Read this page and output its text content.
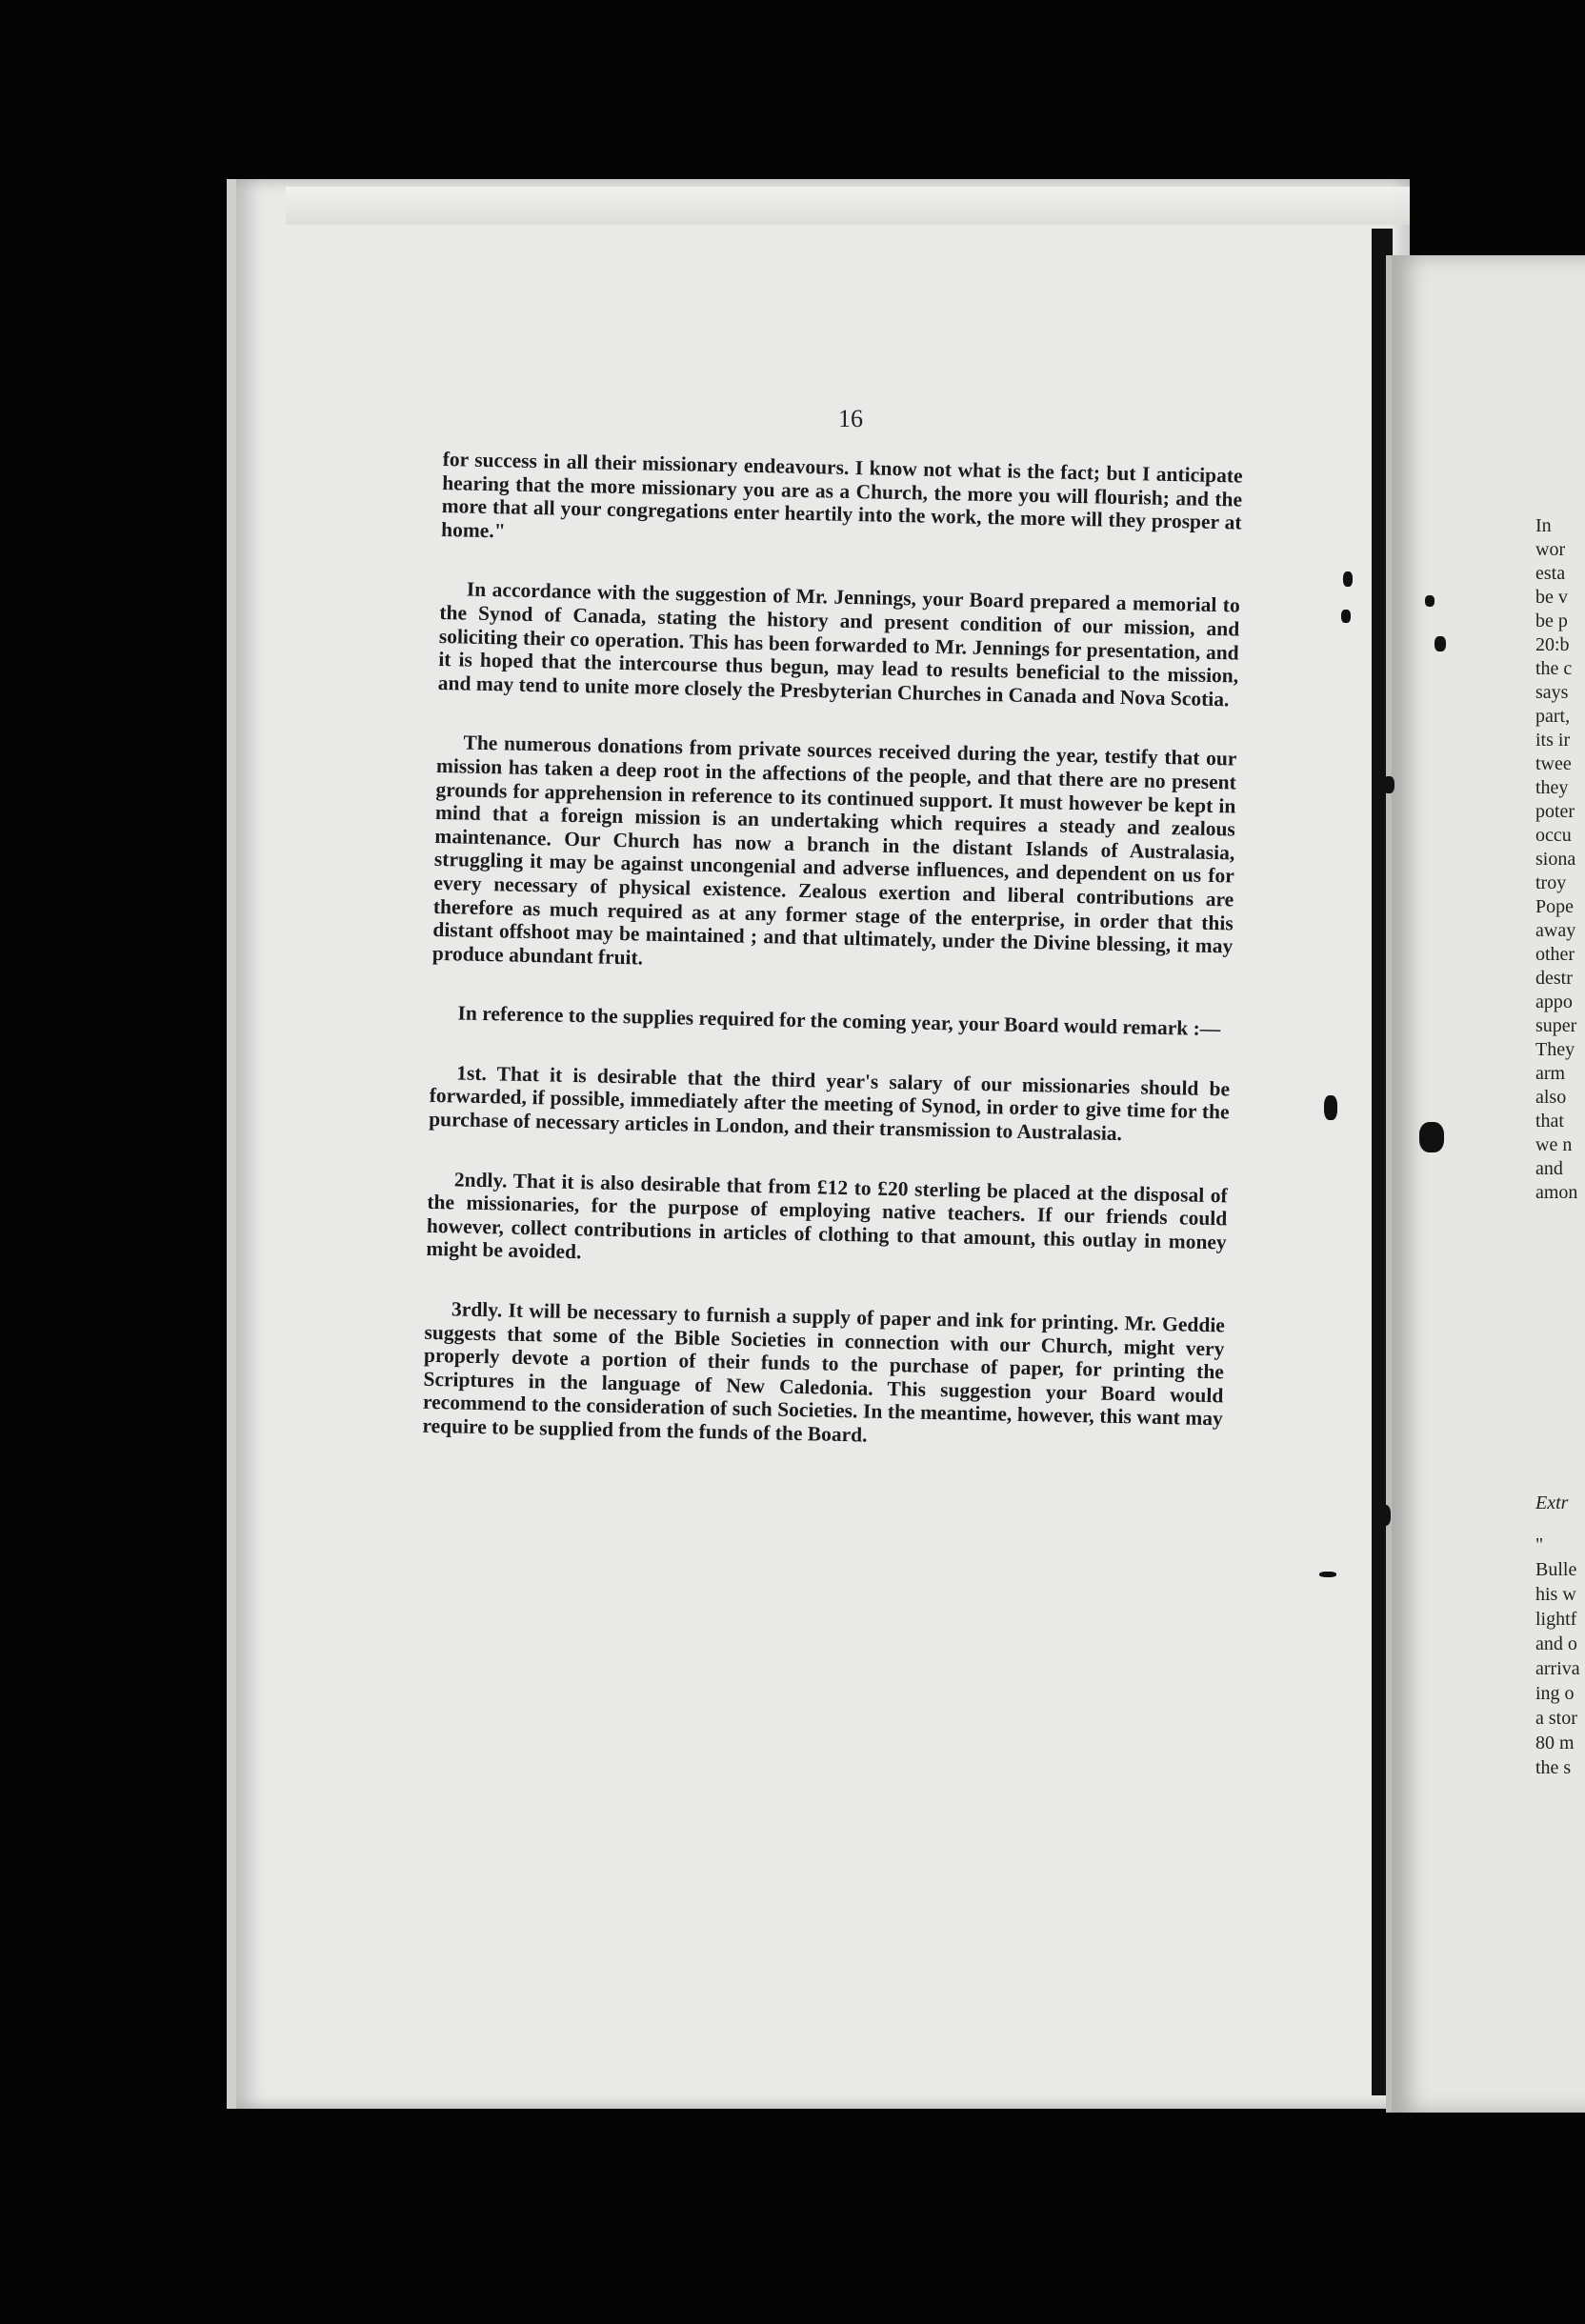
16

for success in all their missionary endeavours. I know not what is the fact; but I anticipate hearing that the more missionary you are as a Church, the more you will flourish; and the more that all your congregations enter heartily into the work, the more will they prosper at home."

In accordance with the suggestion of Mr. Jennings, your Board prepared a memorial to the Synod of Canada, stating the history and present condition of our mission, and soliciting their co operation. This has been forwarded to Mr. Jennings for presentation, and it is hoped that the intercourse thus begun, may lead to results beneficial to the mission, and may tend to unite more closely the Presbyterian Churches in Canada and Nova Scotia.

The numerous donations from private sources received during the year, testify that our mission has taken a deep root in the affections of the people, and that there are no present grounds for apprehension in reference to its continued support. It must however be kept in mind that a foreign mission is an undertaking which requires a steady and zealous maintenance. Our Church has now a branch in the distant Islands of Australasia, struggling it may be against uncongenial and adverse influences, and dependent on us for every necessary of physical existence. Zealous exertion and liberal contributions are therefore as much required as at any former stage of the enterprise, in order that this distant offshoot may be maintained ; and that ultimately, under the Divine blessing, it may produce abundant fruit.

In reference to the supplies required for the coming year, your Board would remark :—

1st. That it is desirable that the third year's salary of our missionaries should be forwarded, if possible, immediately after the meeting of Synod, in order to give time for the purchase of necessary articles in London, and their transmission to Australasia.

2ndly. That it is also desirable that from £12 to £20 sterling be placed at the disposal of the missionaries, for the purpose of employing native teachers. If our friends could however, collect contributions in articles of clothing to that amount, this outlay in money might be avoided.

3rdly. It will be necessary to furnish a supply of paper and ink for printing. Mr. Geddie suggests that some of the Bible Societies in connection with our Church, might very properly devote a portion of their funds to the purchase of paper, for printing the Scriptures in the language of New Caledonia. This suggestion your Board would recommend to the consideration of such Societies. In the meantime, however, this want may require to be supplied from the funds of the Board.

In
wor
esta
be v
be p
20:b
the c
says
part,
its ir
twee
they
poter
occu
siona
troy
Pope
away
other
destr
appo
super
They
arm
also
that
we n
and
amon
Extr
"
Bulle
his w
lightf
and o
arriva
ing o
a stor
80 m
the s
